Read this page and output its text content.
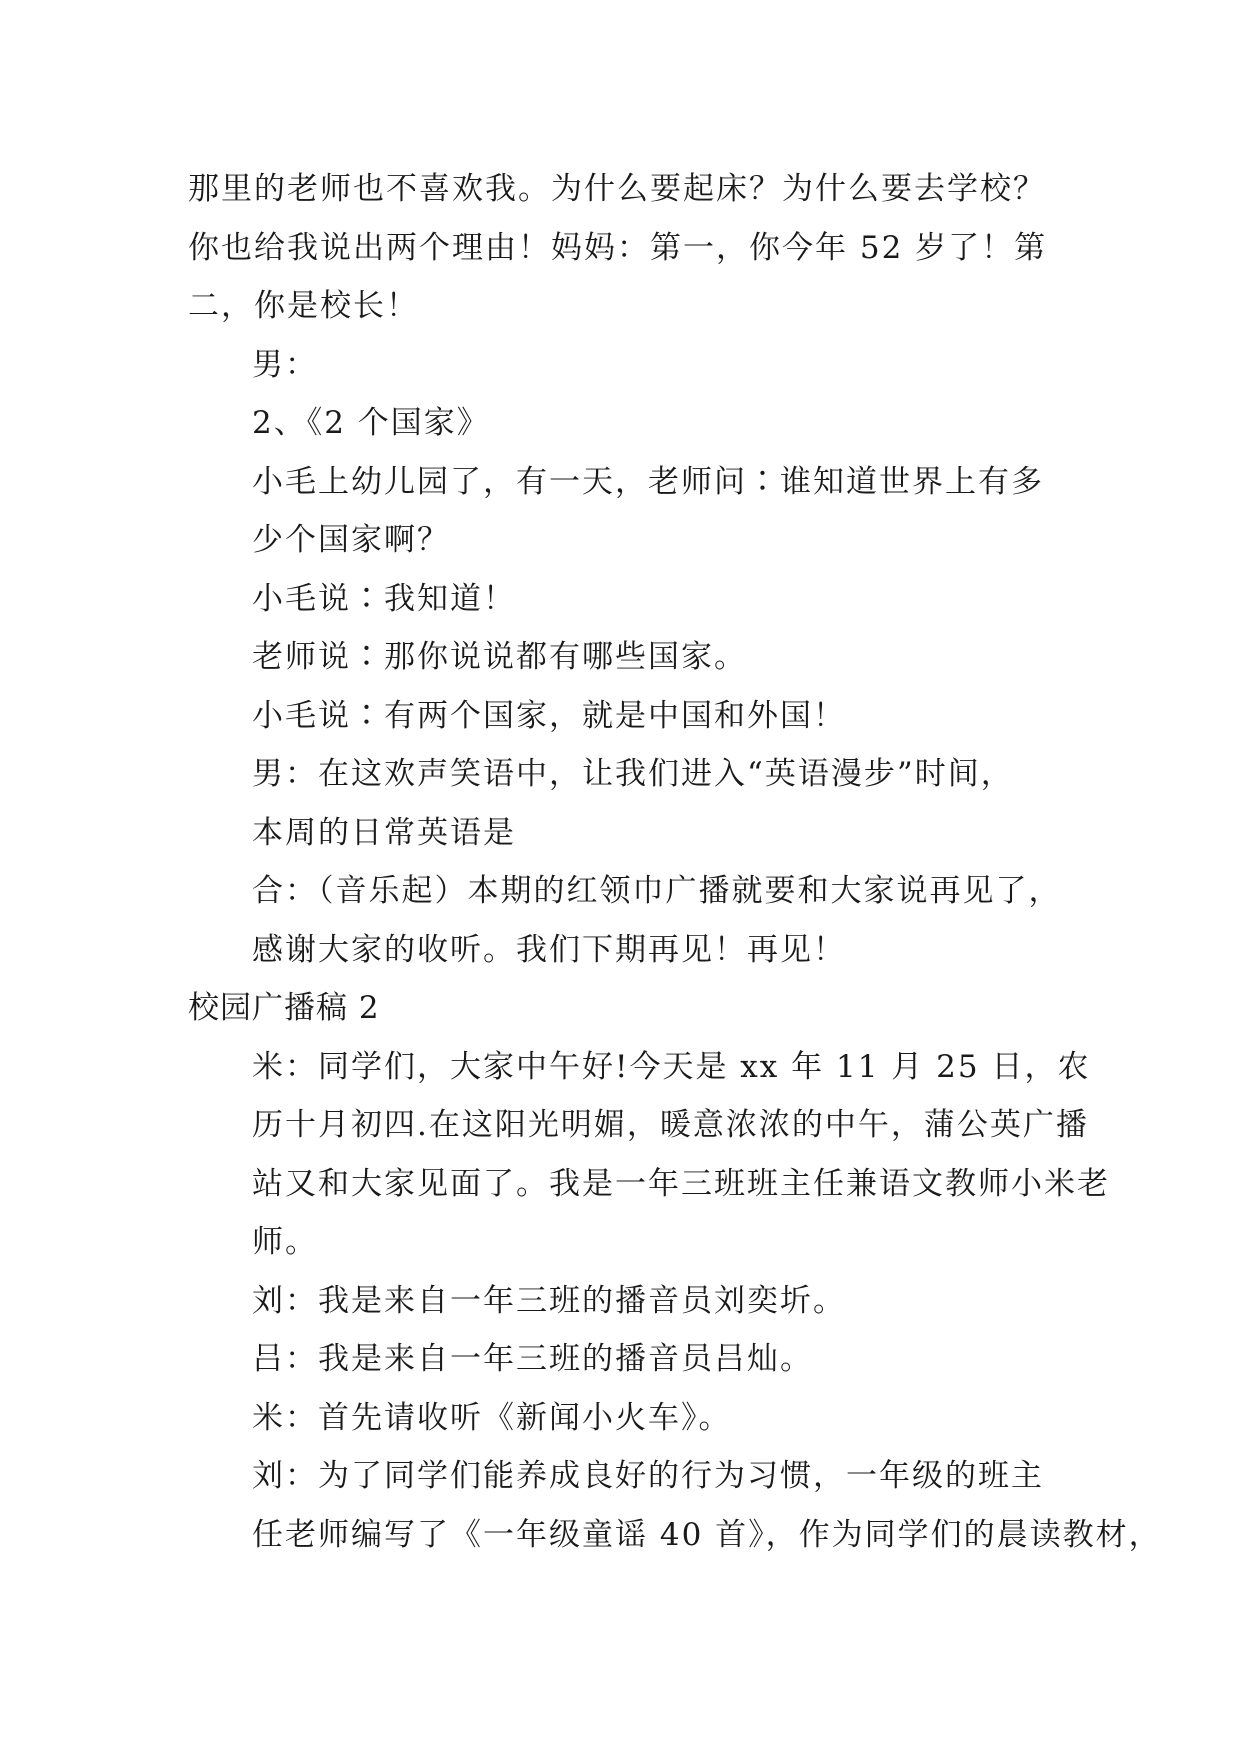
那里的老师也不喜欢我。为什么要起床？为什么要去学校？
你也给我说出两个理由！妈妈：第一，你今年 52 岁了！第
二，你是校长！
男：
2、《2 个国家》
小毛上幼儿园了，有一天，老师问∶谁知道世界上有多
少个国家啊？
小毛说∶我知道！
老师说∶那你说说都有哪些国家。
小毛说∶有两个国家，就是中国和外国！
男：在这欢声笑语中，让我们进入“英语漫步”时间，
本周的日常英语是
合：（音乐起）本期的红领巾广播就要和大家说再见了，
感谢大家的收听。我们下期再见！再见！
校园广播稿 2
米：同学们，大家中午好!今天是 xx 年 11 月 25 日，农
历十月初四.在这阳光明媚，暖意浓浓的中午，蒲公英广播
站又和大家见面了。我是一年三班班主任兼语文教师小米老
师。
刘：我是来自一年三班的播音员刘奕圻。
吕：我是来自一年三班的播音员吕灿。
米：首先请收听《新闻小火车》。
刘：为了同学们能养成良好的行为习惯，一年级的班主
任老师编写了《一年级童谣 40 首》，作为同学们的晨读教材，
